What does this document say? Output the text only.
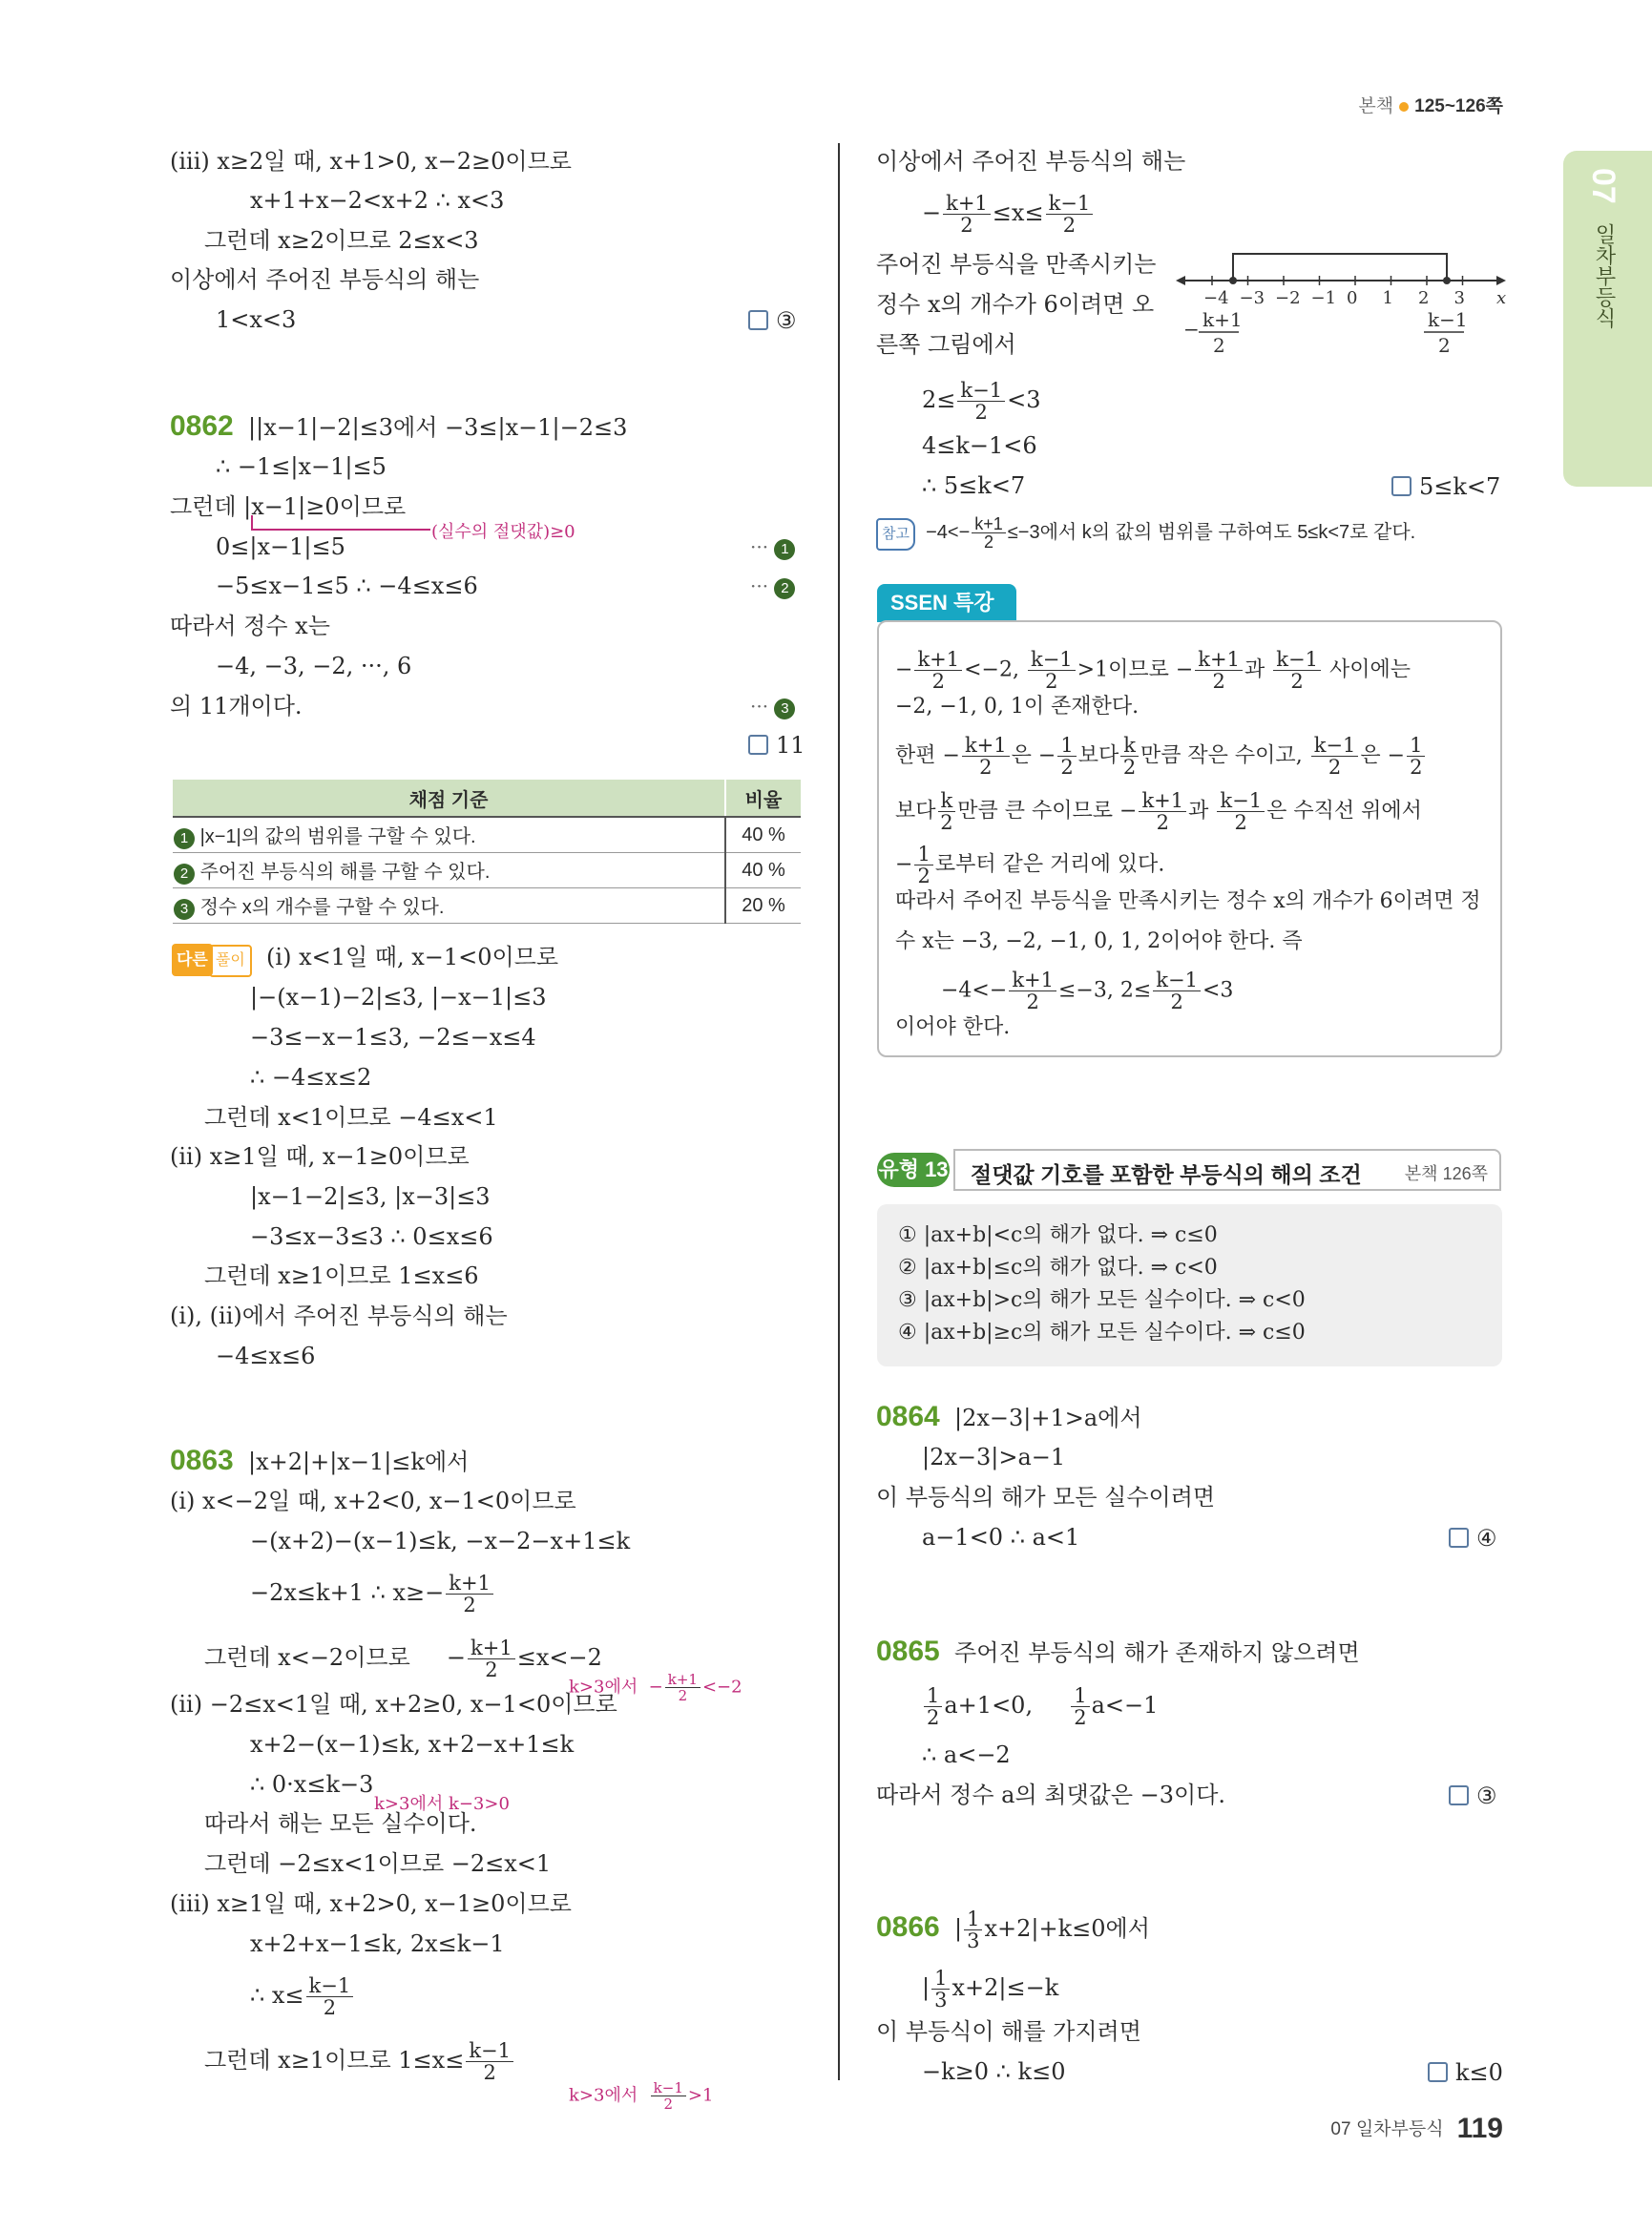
본책 125~126쪽
07
일차부등식
(iii) x≥2일 때, x+1>0, x−2≥0이므로
x+1+x−2<x+2 ∴ x<3
그런데 x≥2이므로 2≤x<3
이상에서 주어진 부등식의 해는
1<x<3	③
0862 ||x−1|−2|≤3에서 −3≤|x−1|−2≤3
∴ −1≤|x−1|≤5
그런데 |x−1|≥0이므로
(실수의 절댓값)≥0
0≤|x−1|≤5	··· 1
−5≤x−1≤5 ∴ −4≤x≤6	··· 2
따라서 정수 x는
−4, −3, −2, ···, 6
의 11개이다.	··· 3
11
채점 기준	비율
1 |x−1|의 값의 범위를 구할 수 있다.	40 %
2 주어진 부등식의 해를 구할 수 있다.	40 %
3 정수 x의 개수를 구할 수 있다.	20 %
다른 풀이 (i) x<1일 때, x−1<0이므로
|−(x−1)−2|≤3, |−x−1|≤3
−3≤−x−1≤3, −2≤−x≤4
∴ −4≤x≤2
그런데 x<1이므로 −4≤x<1
(ii) x≥1일 때, x−1≥0이므로
|x−1−2|≤3, |x−3|≤3
−3≤x−3≤3 ∴ 0≤x≤6
그런데 x≥1이므로 1≤x≤6
(i), (ii)에서 주어진 부등식의 해는
−4≤x≤6
0863 |x+2|+|x−1|≤k에서
(i) x<−2일 때, x+2<0, x−1<0이므로
−(x+2)−(x−1)≤k, −x−2−x+1≤k
−2x≤k+1 ∴ $x\ge- \frac{k+1}{2}$
그런데 x<−2이므로     − $\frac{k+1}{2} \le x<-2$
k>3에서  − $\frac{k+1}{2} <-2$
(ii) −2≤x<1일 때, x+2≥0, x−1<0이므로
x+2−(x−1)≤k, x+2−x+1≤k
∴ 0·x≤k−3
k>3에서 k−3>0
따라서 해는 모든 실수이다.
그런데 −2≤x<1이므로 −2≤x<1
(iii) x≥1일 때, x+2>0, x−1≥0이므로
x+2+x−1≤k, 2x≤k−1
∴ $x\le \frac{k-1}{2}$
그런데 x≥1이므로 $1\le x\le \frac{k-1}{2}$
k>3에서 $\frac{k-1}{2} >1$
이상에서 주어진 부등식의 해는
− $\frac{k+1}{2} \le x\le \frac{k-1}{2}$
주어진 부등식을 만족시키는
정수 x의 개수가 6이려면 오
른쪽 그림에서
−4 −3 −2 −1 0 1 2 3 x
− k+1
2
k−1
2
$2\le \frac{k-1}{2} <3$
4≤k−1<6
∴ 5≤k<7	5≤k<7
참고 $-4<- \frac{k+1}{2} \le-3$에서 k의 값의 범위를 구하여도 5≤k<7로 같다.
SSEN 특강
− $\frac{k+1}{2} <-2$, $\frac{k-1}{2} >1$이므로 − $\frac{k+1}{2}$ 과 $\frac{k-1}{2}$ 사이에는
−2, −1, 0, 1이 존재한다.
한편 − $\frac{k+1}{2}$ 은 − $\frac{1}{2}$ 보다 $\frac{k}{2}$ 만큼 작은 수이고, $\frac{k-1}{2}$ 은 − $\frac{1}{2}$
보다 $\frac{k}{2}$ 만큼 큰 수이므로 − $\frac{k+1}{2}$ 과 $\frac{k-1}{2}$ 은 수직선 위에서
− $\frac{1}{2}$ 로부터 같은 거리에 있다.
따라서 주어진 부등식을 만족시키는 정수 x의 개수가 6이려면 정
수 x는 −3, −2, −1, 0, 1, 2이어야 한다. 즉
$-4<- \frac{k+1}{2} \le-3$, $2\le \frac{k-1}{2} <3$
이어야 한다.
유형 13 절댓값 기호를 포함한 부등식의 해의 조건	본책 126쪽
① |ax+b|<c의 해가 없다. ⇒ c≤0
② |ax+b|≤c의 해가 없다. ⇒ c<0
③ |ax+b|>c의 해가 모든 실수이다. ⇒ c<0
④ |ax+b|≥c의 해가 모든 실수이다. ⇒ c≤0
0864 |2x−3|+1>a에서
|2x−3|>a−1
이 부등식의 해가 모든 실수이려면
a−1<0 ∴ a<1	④
0865 주어진 부등식의 해가 존재하지 않으려면
$\frac{1}{2} a+1<0$, $\frac{1}{2} a<-1$
∴ a<−2
따라서 정수 a의 최댓값은 −3이다.	③
0866  | $\frac{1}{3} x+2|+k\le 0$에서
| $\frac{1}{3} x+2|\le-k$
이 부등식이 해를 가지려면
−k≥0 ∴ k≤0	k≤0
07 일차부등식 119
